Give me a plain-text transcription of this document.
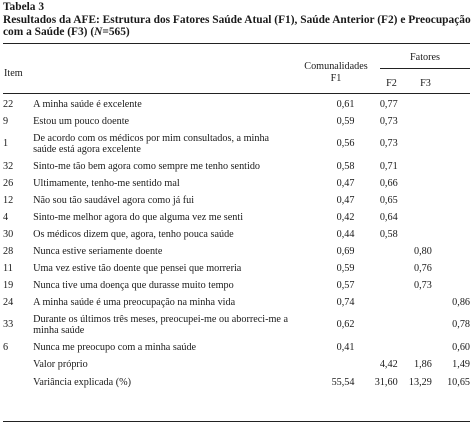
Tabela 3
Resultados da AFE: Estrutura dos Fatores Saúde Atual (F1), Saúde Anterior (F2) e Preocupação com a Saúde (F3) (N=565)
Item
Comunalidades
F1
Fatores
F2	F3
22	A minha saúde é excelente	0,61	0,77		
9	Estou um pouco doente	0,59	0,73		
1	De acordo com os médicos por mim consultados, a minha saúde está agora excelente	0,56	0,73		
32	Sinto-me tão bem agora como sempre me tenho sentido	0,58	0,71		
26	Ultimamente, tenho-me sentido mal	0,47	0,66		
12	Não sou tão saudável agora como já fui	0,47	0,65		
4	Sinto-me melhor agora do que alguma vez me senti	0,42	0,64		
30	Os médicos dizem que, agora, tenho pouca saúde	0,44	0,58		
28	Nunca estive seriamente doente	0,69		0,80	
11	Uma vez estive tão doente que pensei que morreria	0,59		0,76	
19	Nunca tive uma doença que durasse muito tempo	0,57		0,73	
24	A minha saúde é uma preocupação na minha vida	0,74			0,86
33	Durante os últimos três meses, preocupei-me ou aborreci-me a minha saúde	0,62			0,78
6	Nunca me preocupo com a minha saúde	0,41			0,60
	Valor próprio		4,42	1,86	1,49
	Variância explicada (%)	55,54	31,60	13,29	10,65
